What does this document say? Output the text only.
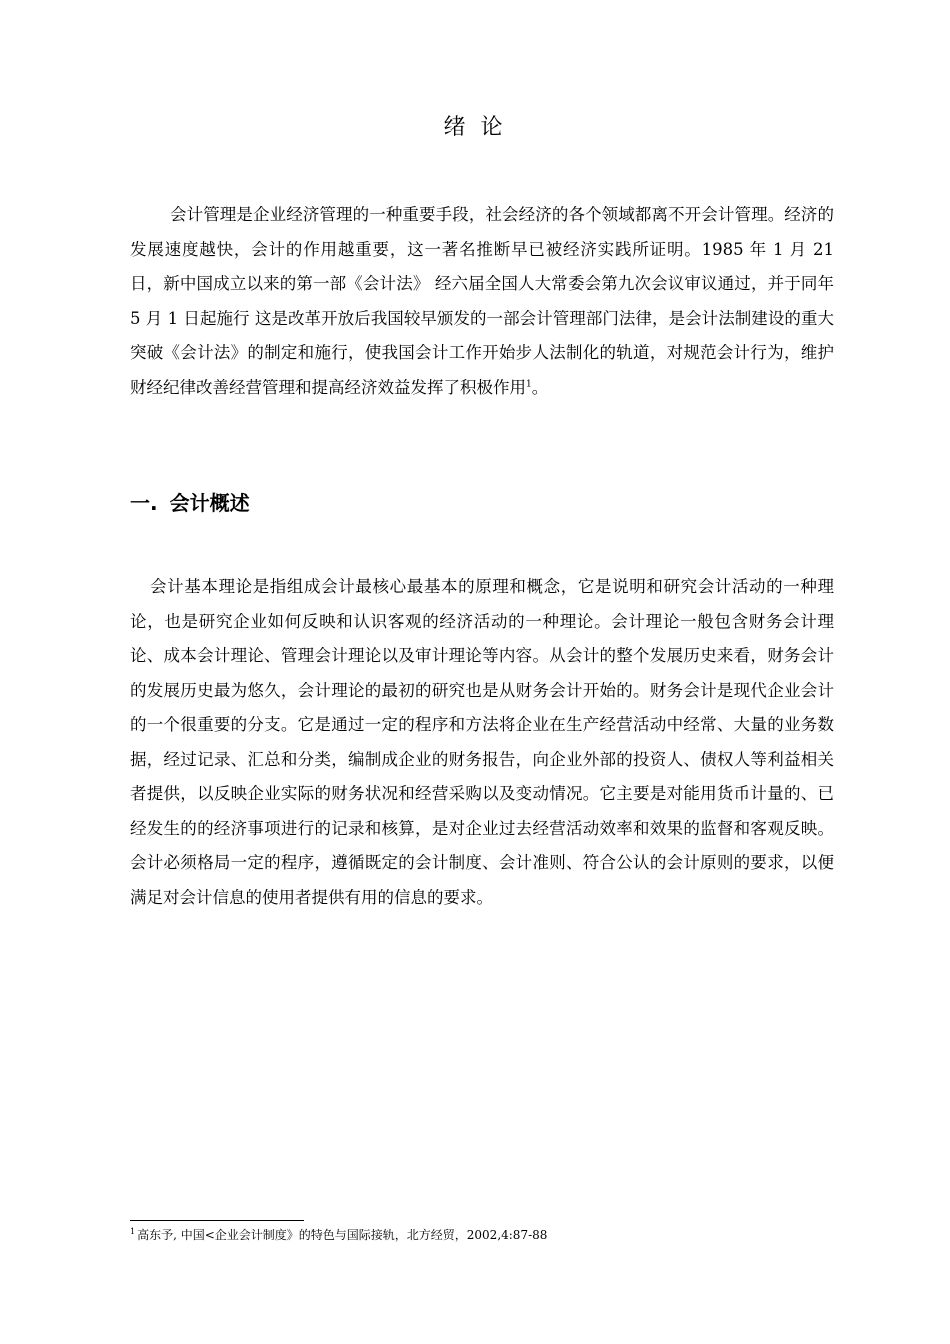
绪 论

会计管理是企业经济管理的一种重要手段，社会经济的各个领域都离不开会计管理。经济的发展速度越快，会计的作用越重要，这一著名推断早已被经济实践所证明。1985 年 1 月 21 日，新中国成立以来的第一部《会计法》 经六届全国人大常委会第九次会议审议通过，并于同年 5 月 1 日起施行 这是改革开放后我国较早颁发的一部会计管理部门法律，是会计法制建设的重大突破《会计法》的制定和施行，使我国会计工作开始步人法制化的轨道，对规范会计行为，维护财经纪律改善经营管理和提高经济效益发挥了积极作用$^1$。

一. 会计概述

会计基本理论是指组成会计最核心最基本的原理和概念，它是说明和研究会计活动的一种理论，也是研究企业如何反映和认识客观的经济活动的一种理论。会计理论一般包含财务会计理论、成本会计理论、管理会计理论以及审计理论等内容。从会计的整个发展历史来看，财务会计的发展历史最为悠久，会计理论的最初的研究也是从财务会计开始的。财务会计是现代企业会计的一个很重要的分支。它是通过一定的程序和方法将企业在生产经营活动中经常、大量的业务数据，经过记录、汇总和分类，编制成企业的财务报告，向企业外部的投资人、债权人等利益相关者提供，以反映企业实际的财务状况和经营采购以及变动情况。它主要是对能用货币计量的、已经发生的的经济事项进行的记录和核算，是对企业过去经营活动效率和效果的监督和客观反映。会计必须格局一定的程序，遵循既定的会计制度、会计准则、符合公认的会计原则的要求，以便满足对会计信息的使用者提供有用的信息的要求。

$^1$ 高东予, 中国<企业会计制度》的特色与国际接轨，北方经贸，2002,4:87-88
